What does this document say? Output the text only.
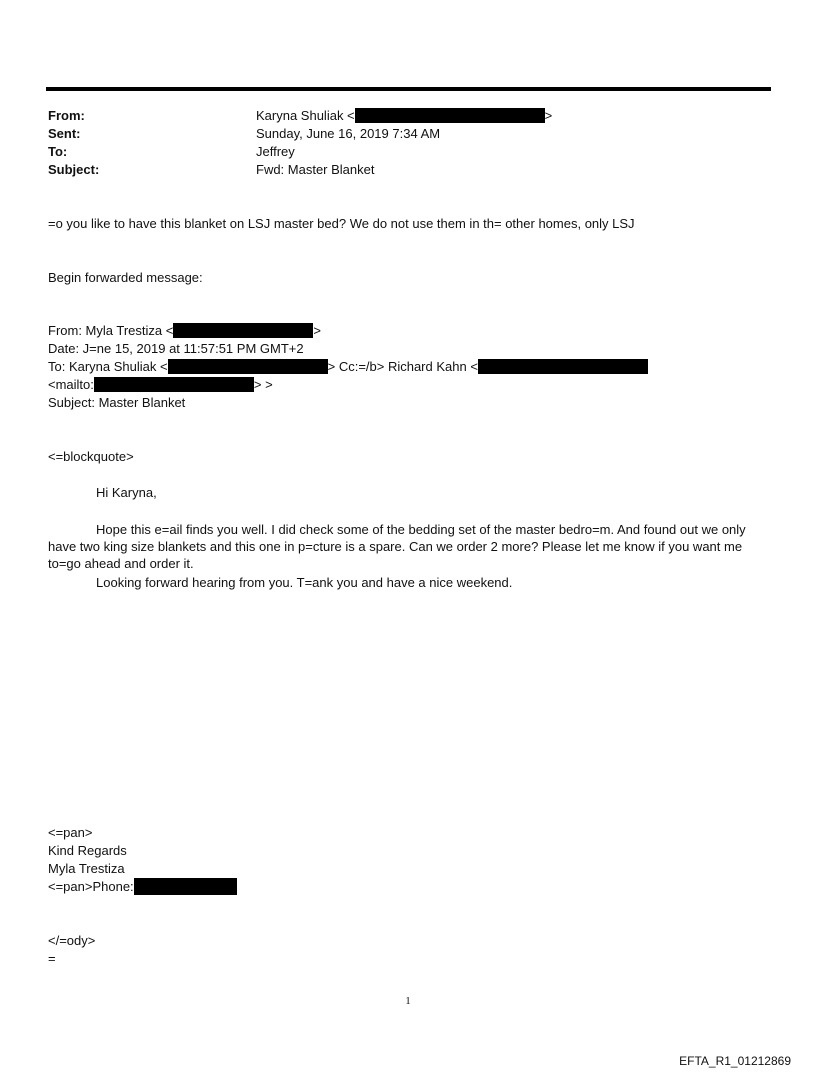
From:	Karyna Shuliak <	>
Sent:	Sunday, June 16, 2019 7:34 AM
To:	Jeffrey
Subject:	Fwd: Master Blanket
=o you like to have this blanket on LSJ master bed? We do not use them in th= other homes, only LSJ
Begin forwarded message:
From: Myla Trestiza <	>
Date: J=ne 15, 2019 at 11:57:51 PM GMT+2
To: Karyna Shuliak <	> Cc:=/b> Richard Kahn <
<mailto:	> >
Subject: Master Blanket
<=blockquote>
Hi Karyna,
Hope this e=ail finds you well. I did check some of the bedding set of the master bedro=m. And found out we only have two king size blankets and this one in p=cture is a spare. Can we order 2 more? Please let me know if you want me to=go ahead and order it.
Looking forward hearing from you. T=ank you and have a nice weekend.
<=pan>
Kind Regards
Myla Trestiza
<=pan>Phone:
</=ody>
=
1
EFTA_R1_01212869
